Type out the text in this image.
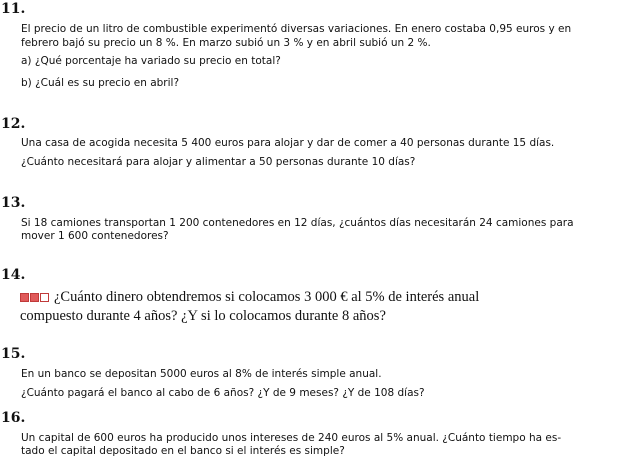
11.
El precio de un litro de combustible experimentó diversas variaciones. En enero costaba 0,95 euros y en
febrero bajó su precio un 8 %. En marzo subió un 3 % y en abril subió un 2 %.
a) ¿Qué porcentaje ha variado su precio en total?
b) ¿Cuál es su precio en abril?
12.
Una casa de acogida necesita 5 400 euros para alojar y dar de comer a 40 personas durante 15 días.
¿Cuánto necesitará para alojar y alimentar a 50 personas durante 10 días?
13.
Si 18 camiones transportan 1 200 contenedores en 12 días, ¿cuántos días necesitarán 24 camiones para
mover 1 600 contenedores?
14.
¿Cuánto dinero obtendremos si colocamos 3 000 € al 5% de interés anual
compuesto durante 4 años? ¿Y si lo colocamos durante 8 años?
15.
En un banco se depositan 5000 euros al 8% de interés simple anual.
¿Cuánto pagará el banco al cabo de 6 años? ¿Y de 9 meses? ¿Y de 108 días?
16.
Un capital de 600 euros ha producido unos intereses de 240 euros al 5% anual. ¿Cuánto tiempo ha es-
tado el capital depositado en el banco si el interés es simple?
